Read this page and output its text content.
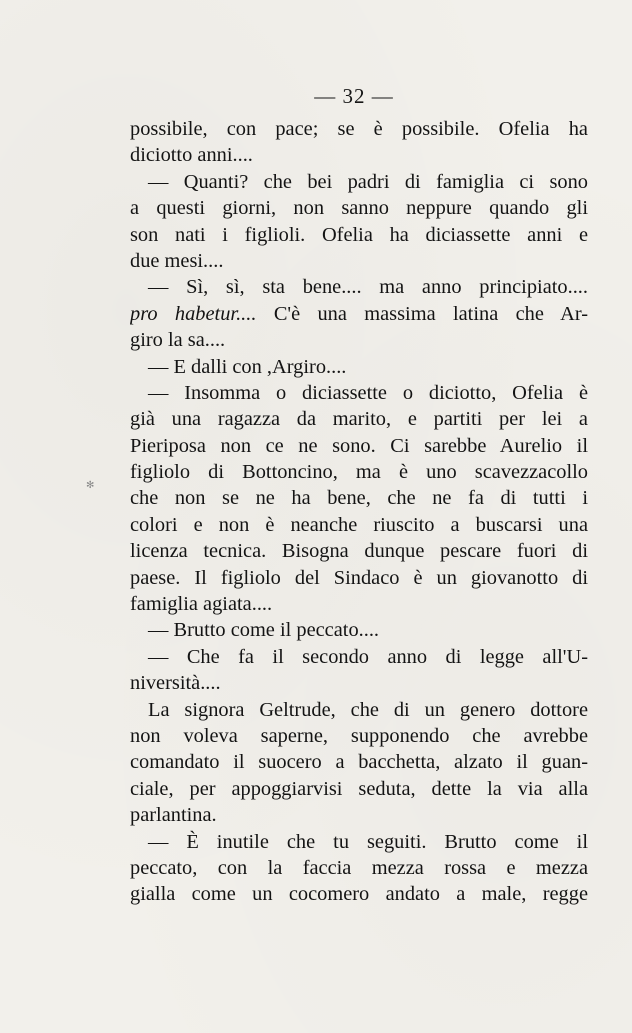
— 32 —
✻
possibile, con pace; se è possibile. Ofelia ha
diciotto anni....
— Quanti? che bei padri di famiglia ci sono
a questi giorni, non sanno neppure quando gli
son nati i figlioli. Ofelia ha diciassette anni e
due mesi....
— Sì, sì, sta bene.... ma anno principiato....
pro habetur.... C'è una massima latina che Ar-
giro la sa....
— E dalli con ,Argiro....
— Insomma o diciassette o diciotto, Ofelia è
già una ragazza da marito, e partiti per lei a
Pieriposa non ce ne sono. Ci sarebbe Aurelio il
figliolo di Bottoncino, ma è uno scavezzacollo
che non se ne ha bene, che ne fa di tutti i
colori e non è neanche riuscito a buscarsi una
licenza tecnica. Bisogna dunque pescare fuori di
paese. Il figliolo del Sindaco è un giovanotto di
famiglia agiata....
— Brutto come il peccato....
— Che fa il secondo anno di legge all'U-
niversità....
La signora Geltrude, che di un genero dottore
non voleva saperne, supponendo che avrebbe
comandato il suocero a bacchetta, alzato il guan-
ciale, per appoggiarvisi seduta, dette la via alla
parlantina.
— È inutile che tu seguiti. Brutto come il
peccato, con la faccia mezza rossa e mezza
gialla come un cocomero andato a male, regge
